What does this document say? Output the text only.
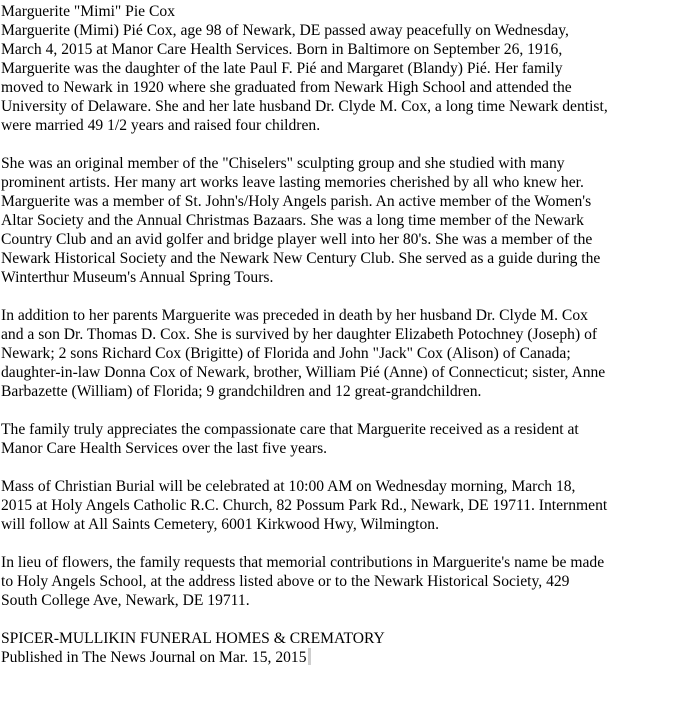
Marguerite "Mimi" Pie Cox

Marguerite (Mimi) Pié Cox, age 98 of Newark, DE passed away peacefully on Wednesday,
March 4, 2015 at Manor Care Health Services. Born in Baltimore on September 26, 1916,
Marguerite was the daughter of the late Paul F. Pié and Margaret (Blandy) Pié. Her family
moved to Newark in 1920 where she graduated from Newark High School and attended the
University of Delaware. She and her late husband Dr. Clyde M. Cox, a long time Newark dentist,
were married 49 1/2 years and raised four children.

She was an original member of the "Chiselers" sculpting group and she studied with many
prominent artists. Her many art works leave lasting memories cherished by all who knew her.
Marguerite was a member of St. John's/Holy Angels parish. An active member of the Women's
Altar Society and the Annual Christmas Bazaars. She was a long time member of the Newark
Country Club and an avid golfer and bridge player well into her 80's. She was a member of the
Newark Historical Society and the Newark New Century Club. She served as a guide during the
Winterthur Museum's Annual Spring Tours.

In addition to her parents Marguerite was preceded in death by her husband Dr. Clyde M. Cox
and a son Dr. Thomas D. Cox. She is survived by her daughter Elizabeth Potochney (Joseph) of
Newark; 2 sons Richard Cox (Brigitte) of Florida and John "Jack" Cox (Alison) of Canada;
daughter-in-law Donna Cox of Newark, brother, William Pié (Anne) of Connecticut; sister, Anne
Barbazette (William) of Florida; 9 grandchildren and 12 great-grandchildren.

The family truly appreciates the compassionate care that Marguerite received as a resident at
Manor Care Health Services over the last five years.

Mass of Christian Burial will be celebrated at 10:00 AM on Wednesday morning, March 18,
2015 at Holy Angels Catholic R.C. Church, 82 Possum Park Rd., Newark, DE 19711. Internment
will follow at All Saints Cemetery, 6001 Kirkwood Hwy, Wilmington.

In lieu of flowers, the family requests that memorial contributions in Marguerite's name be made
to Holy Angels School, at the address listed above or to the Newark Historical Society, 429
South College Ave, Newark, DE 19711.

SPICER-MULLIKIN FUNERAL HOMES & CREMATORY
Published in The News Journal on Mar. 15, 2015
